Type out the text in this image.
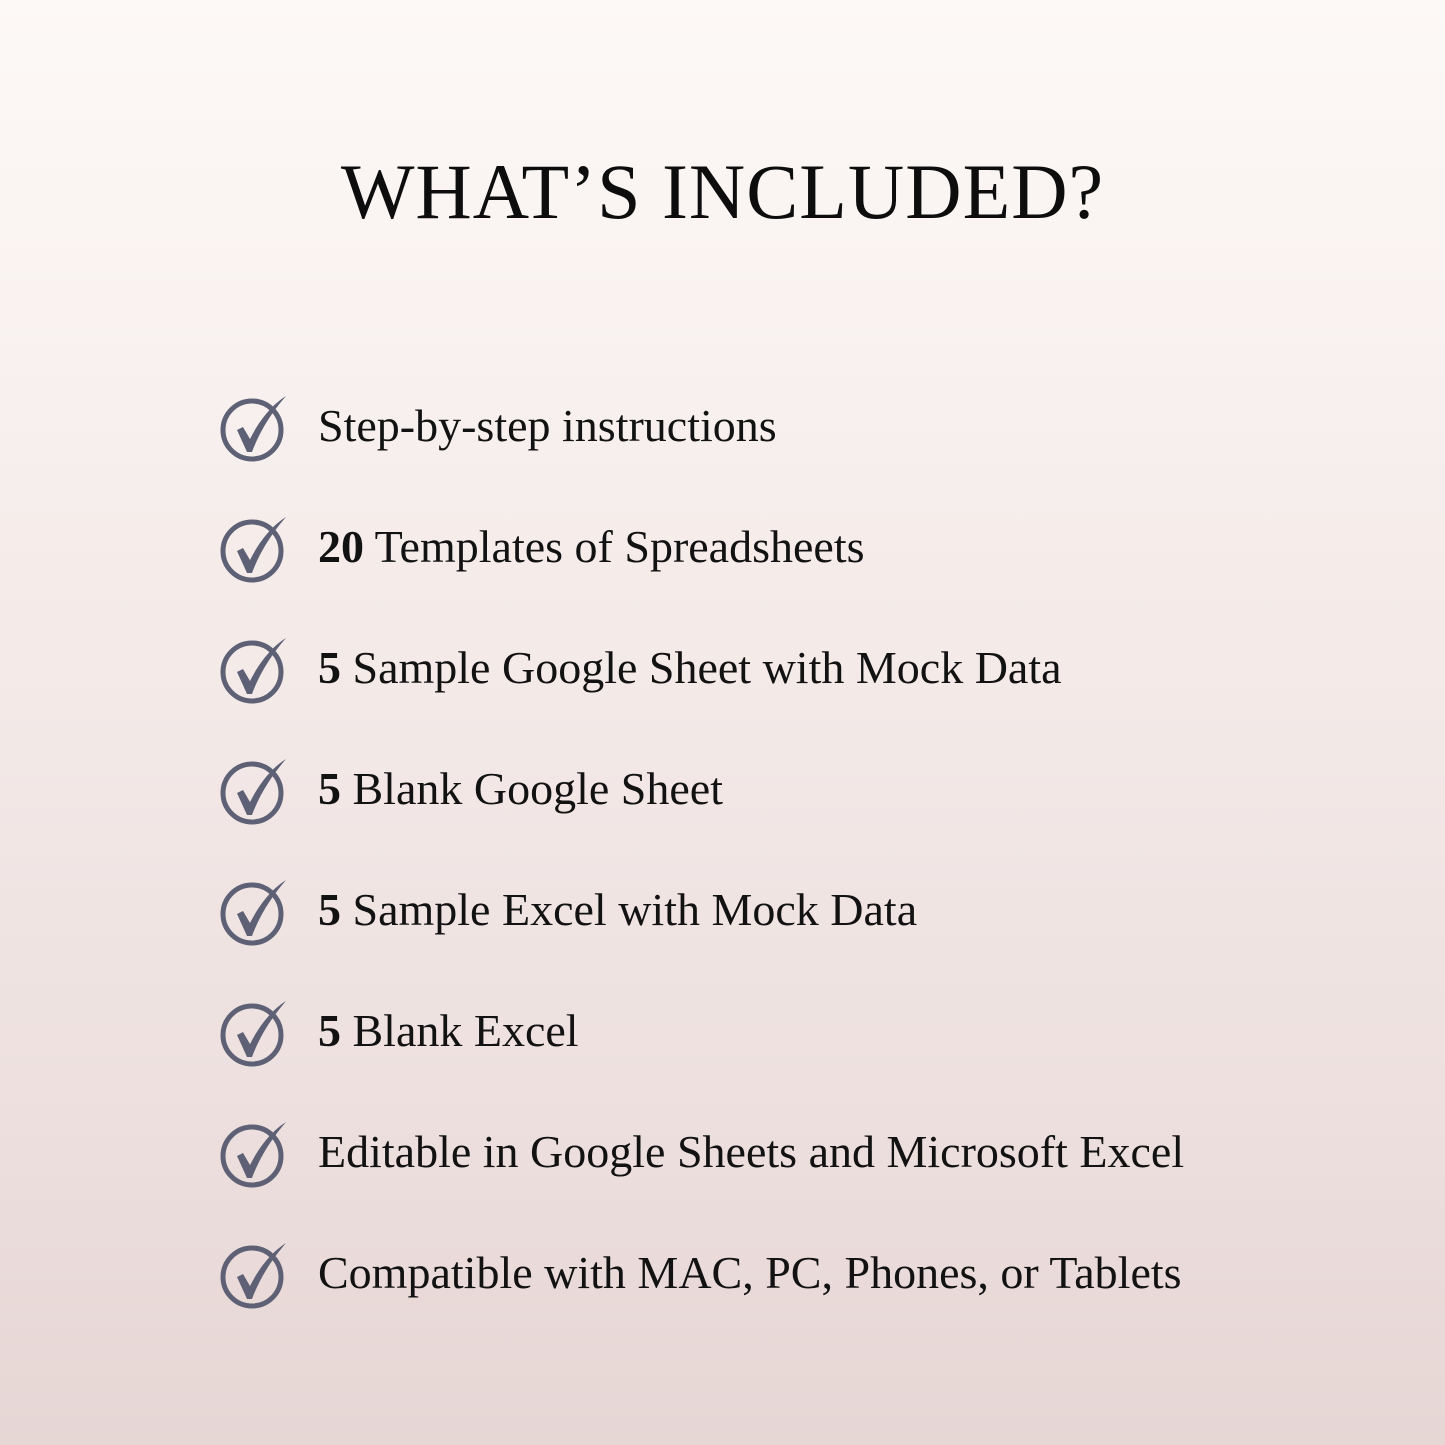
WHAT’S INCLUDED?
Step-by-step instructions
20 Templates of Spreadsheets
5 Sample Google Sheet with Mock Data
5 Blank Google Sheet
5 Sample Excel with Mock Data
5 Blank Excel
Editable in Google Sheets and Microsoft Excel
Compatible with MAC, PC, Phones, or Tablets
